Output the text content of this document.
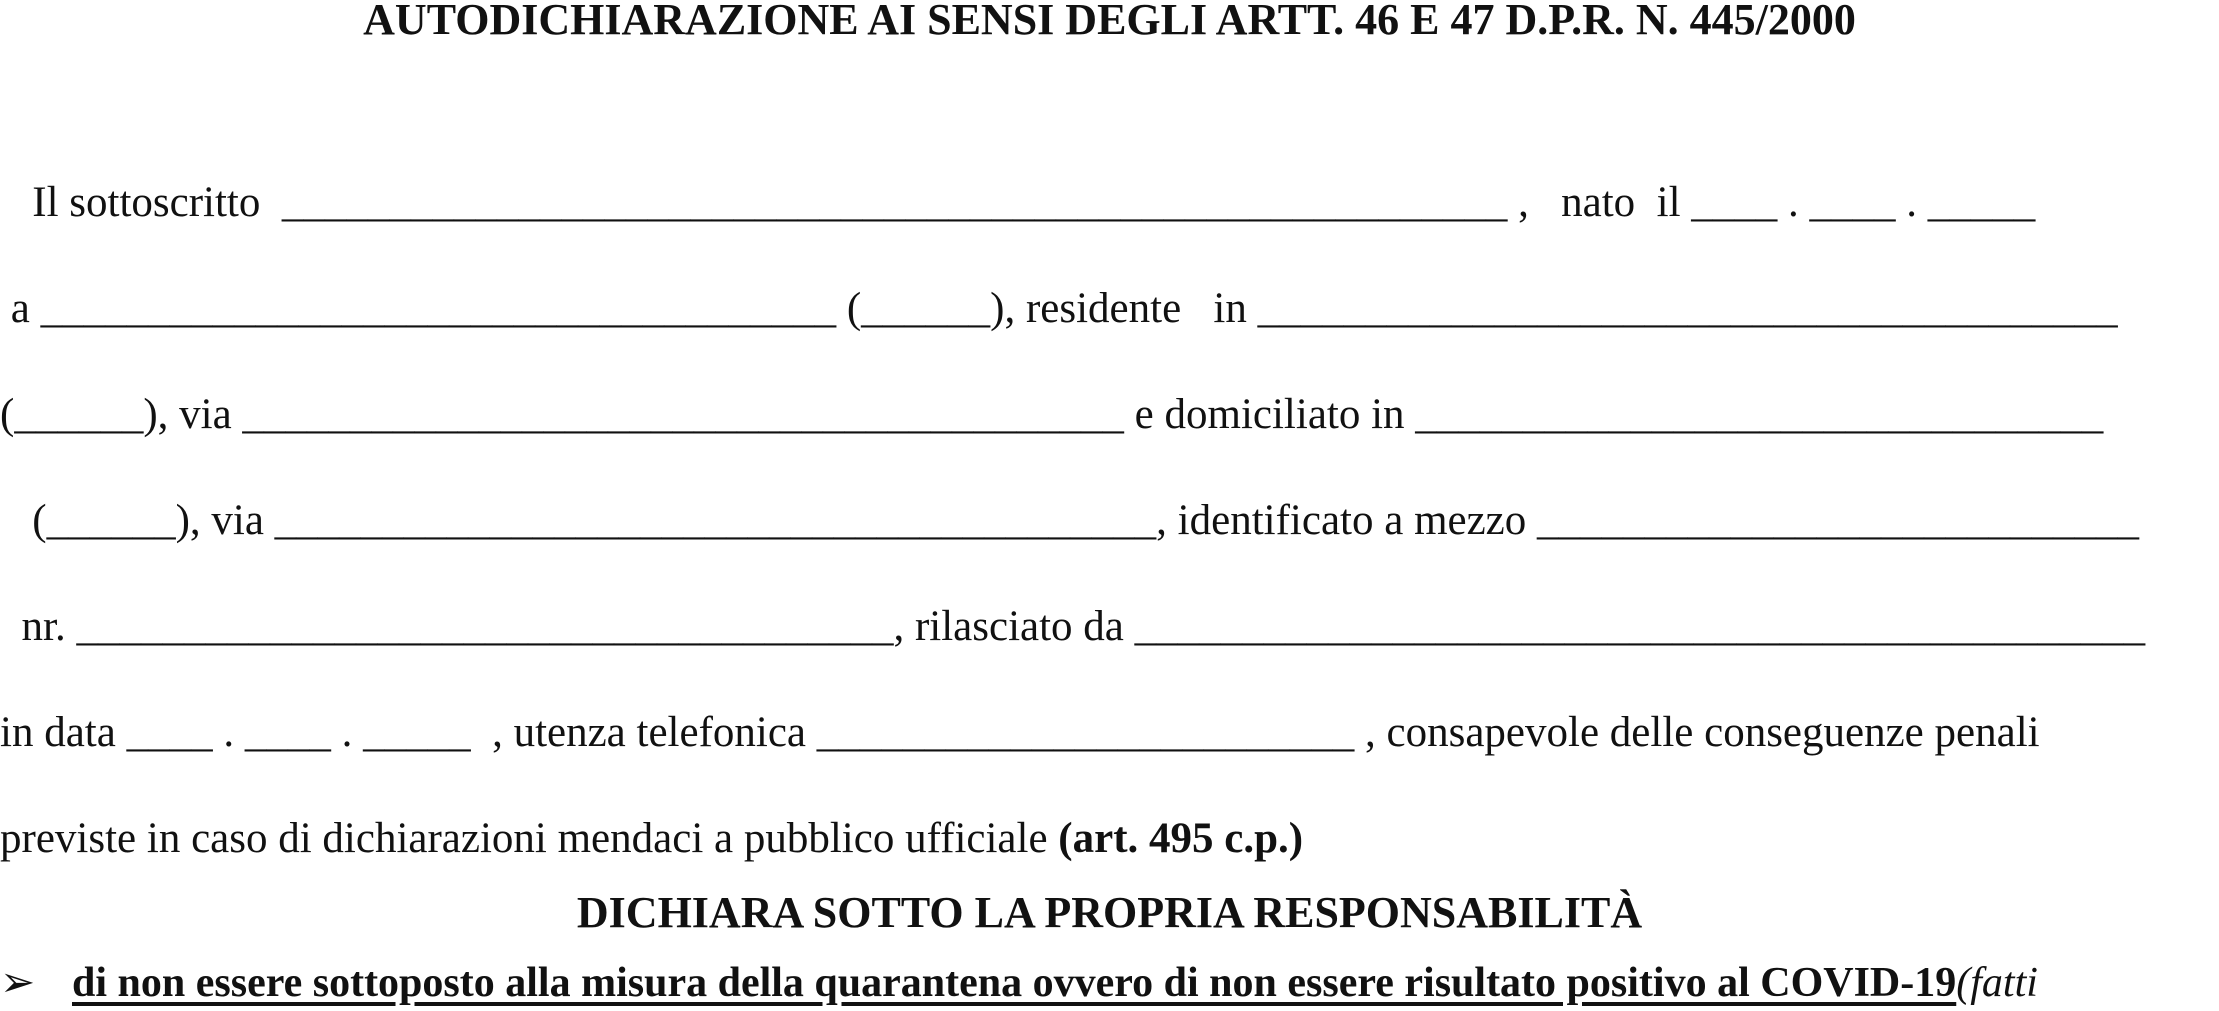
AUTODICHIARAZIONE AI SENSI DEGLI ARTT. 46 E 47 D.P.R. N. 445/2000

Il sottoscritto  _________________________________________________________ ,   nato  il ____ . ____ . _____

a _____________________________________ (______), residente   in ________________________________________

(______), via _________________________________________ e domiciliato in ________________________________

(______), via _________________________________________, identificato a mezzo ____________________________

nr. ______________________________________, rilasciato da _______________________________________________

in data ____ . ____ . _____  , utenza telefonica _________________________ , consapevole delle conseguenze penali

previste in caso di dichiarazioni mendaci a pubblico ufficiale (art. 495 c.p.)

DICHIARA SOTTO LA PROPRIA RESPONSABILITÀ

➢ di non essere sottoposto alla misura della quarantena ovvero di non essere risultato positivo al COVID-19(fatti
